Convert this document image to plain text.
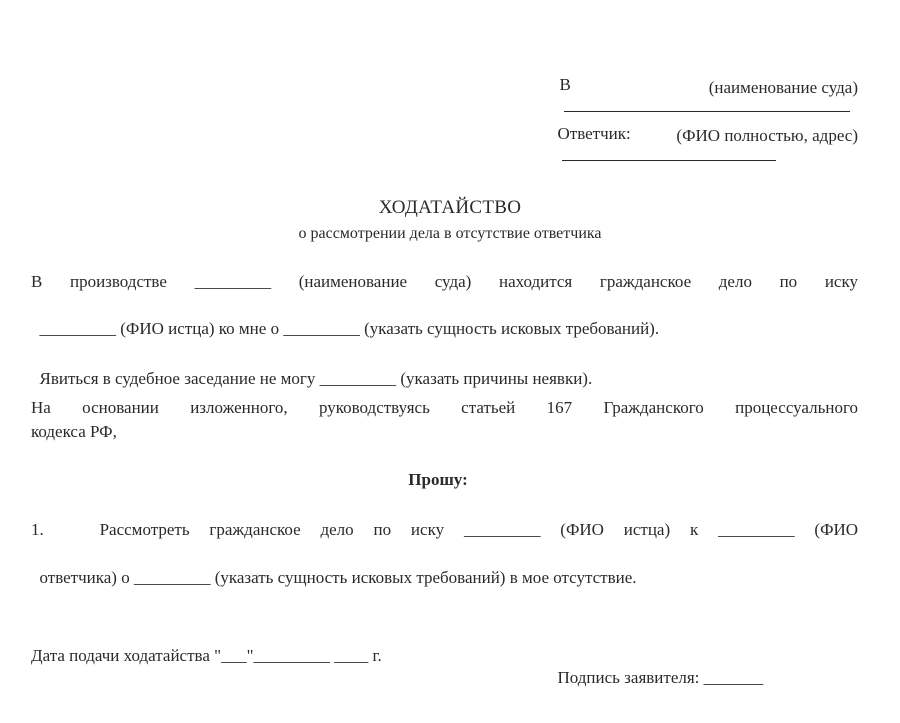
В
	(наименование суда)

Ответчик:
	(ФИО полностью, адрес)
ХОДАТАЙСТВО
о рассмотрении дела в отсутствие ответчика

В производстве _________ (наименование суда) находится гражданское дело по иску

_________ (ФИО истца) ко мне о _________ (указать сущность исковых требований).

Явиться в судебное заседание не могу _________ (указать причины неявки).

На основании изложенного, руководствуясь статьей 167 Гражданского процессуального

кодекса РФ,

Прошу:

1.	Рассмотреть гражданское дело по иску _________ (ФИО истца) к _________ (ФИО

ответчика) о _________ (указать сущность исковых требований) в мое отсутствие.

Дата подачи ходатайства "___"_________ ____ г.

Подпись заявителя: _______
